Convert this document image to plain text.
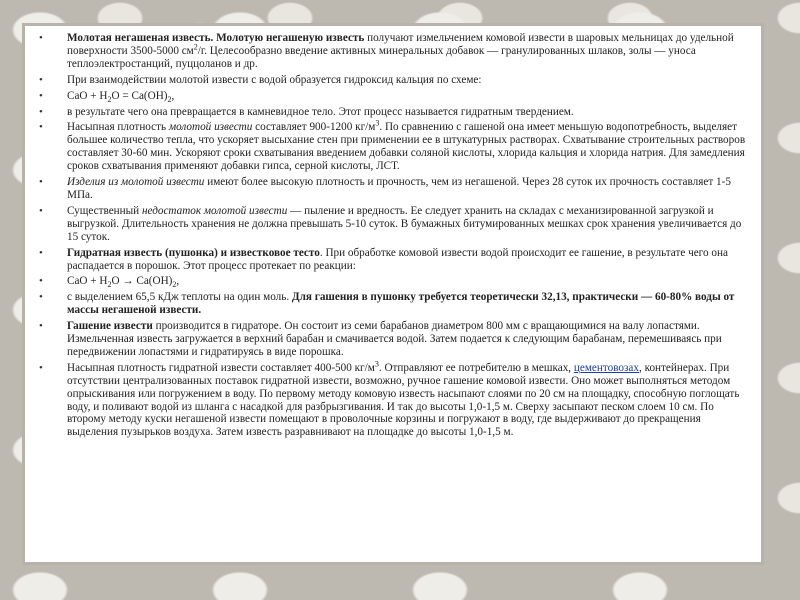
• Молотая негашеная известь. Молотую негашеную известь получают измельчением комовой извести в шаровых мельницах до удельной поверхности 3500-5000 $см^2/г$. Целесообразно введение активных минеральных добавок — гранулированных шлаков, золы — уноса теплоэлектростанций, пуццоланов и др.
• При взаимодействии молотой извести с водой образуется гидроксид кальция по схеме:
• CaO + $H_2O = Ca(OH)_2$,
• в результате чего она превращается в камневидное тело. Этот процесс называется гидратным твердением.
• Насыпная плотность молотой извести составляет 900-1200 $кг/м^3$. По сравнению с гашеной она имеет меньшую водопотребность, выделяет большее количество тепла, что ускоряет высыхание стен при применении ее в штукатурных растворах. Схватывание строительных растворов составляет 30-60 мин. Ускоряют сроки схватывания введением добавки соляной кислоты, хлорида кальция и хлорида натрия. Для замедления сроков схватывания применяют добавки гипса, серной кислоты, ЛСТ.
• Изделия из молотой извести имеют более высокую плотность и прочность, чем из негашеной. Через 28 суток их прочность составляет 1-5 МПа.
• Существенный недостаток молотой извести — пыление и вредность. Ее следует хранить на складах с механизированной загрузкой и выгрузкой. Длительность хранения не должна превышать 5-10 суток. В бумажных битумированных мешках срок хранения увеличивается до 15 суток.
• Гидратная известь (пушонка) и известковое тесто. При обработке комовой извести водой происходит ее гашение, в результате чего она распадается в порошок. Этот процесс протекает по реакции:
• CaO + $H_2O \to Ca(OH)_2$,
• с выделением 65,5 кДж теплоты на один моль. Для гашения в пушонку требуется теоретически 32,13, практически — 60-80% воды от массы негашеной извести.
• Гашение извести производится в гидраторе. Он состоит из семи барабанов диаметром 800 мм с вращающимися на валу лопастями. Измельченная известь загружается в верхний барабан и смачивается водой. Затем подается к следующим барабанам, перемешиваясь при передвижении лопастями и гидратируясь в виде порошка.
• Насыпная плотность гидратной извести составляет 400-500 $кг/м^3$. Отправляют ее потребителю в мешках, цементовозах, контейнерах. При отсутствии централизованных поставок гидратной извести, возможно, ручное гашение комовой извести. Оно может выполняться методом опрыскивания или погружением в воду. По первому методу комовую известь насыпают слоями по 20 см на площадку, способную поглощать воду, и поливают водой из шланга с насадкой для разбрызгивания. И так до высоты 1,0-1,5 м. Сверху засыпают песком слоем 10 см. По второму методу куски негашеной извести помещают в проволочные корзины и погружают в воду, где выдерживают до прекращения выделения пузырьков воздуха. Затем известь разравнивают на площадке до высоты 1,0-1,5 м.
